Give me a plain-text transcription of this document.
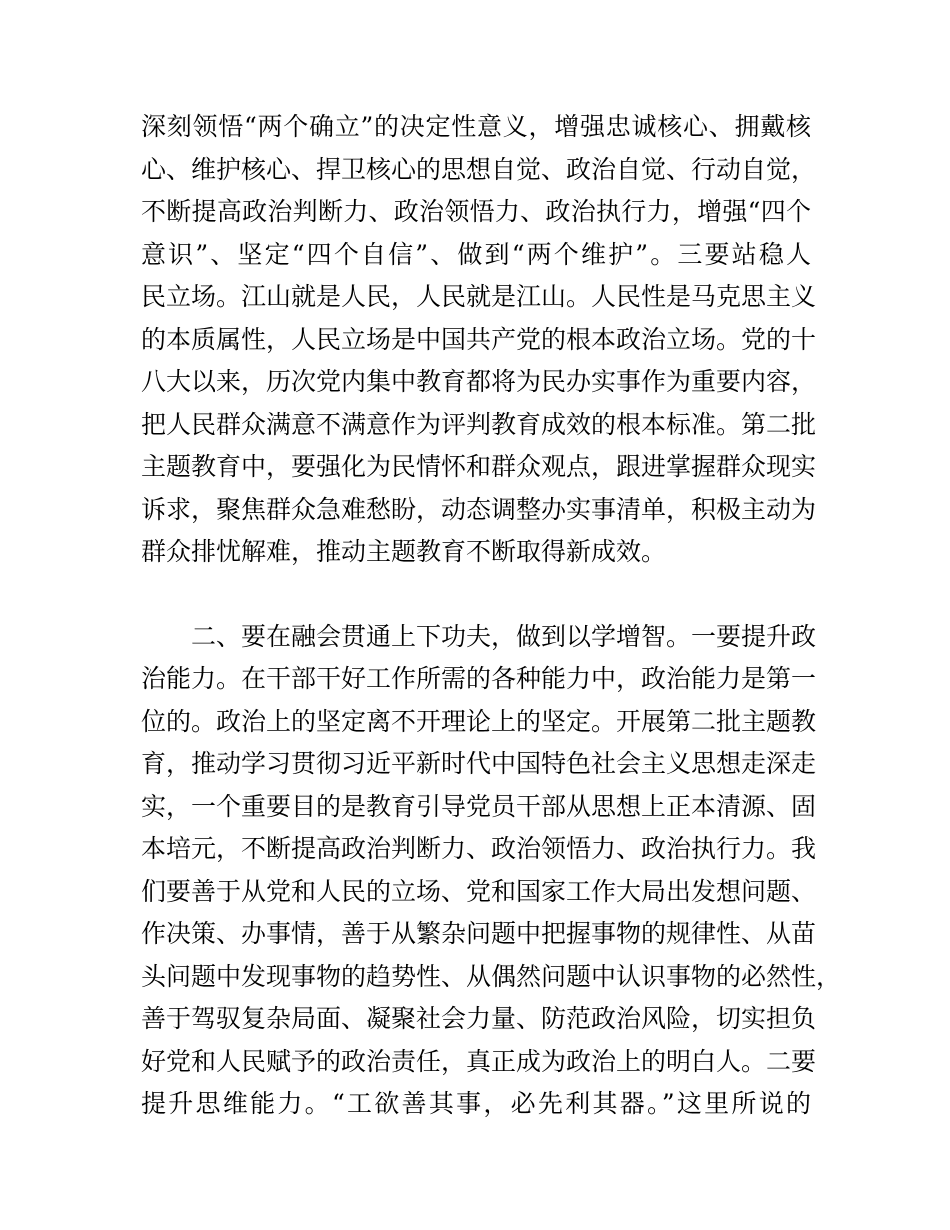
深刻领悟“两个确立”的决定性意义，增强忠诚核心、拥戴核
心、维护核心、捍卫核心的思想自觉、政治自觉、行动自觉，
不断提高政治判断力、政治领悟力、政治执行力，增强“四个
意识”、坚定“四个自信”、做到“两个维护”。三要站稳人
民立场。江山就是人民，人民就是江山。人民性是马克思主义
的本质属性，人民立场是中国共产党的根本政治立场。党的十
八大以来，历次党内集中教育都将为民办实事作为重要内容，
把人民群众满意不满意作为评判教育成效的根本标准。第二批
主题教育中，要强化为民情怀和群众观点，跟进掌握群众现实
诉求，聚焦群众急难愁盼，动态调整办实事清单，积极主动为
群众排忧解难，推动主题教育不断取得新成效。
　　二、要在融会贯通上下功夫，做到以学增智。一要提升政
治能力。在干部干好工作所需的各种能力中，政治能力是第一
位的。政治上的坚定离不开理论上的坚定。开展第二批主题教
育，推动学习贯彻习近平新时代中国特色社会主义思想走深走
实，一个重要目的是教育引导党员干部从思想上正本清源、固
本培元，不断提高政治判断力、政治领悟力、政治执行力。我
们要善于从党和人民的立场、党和国家工作大局出发想问题、
作决策、办事情，善于从繁杂问题中把握事物的规律性、从苗
头问题中发现事物的趋势性、从偶然问题中认识事物的必然性，
善于驾驭复杂局面、凝聚社会力量、防范政治风险，切实担负
好党和人民赋予的政治责任，真正成为政治上的明白人。二要
提升思维能力。“工欲善其事，必先利其器。”这里所说的
